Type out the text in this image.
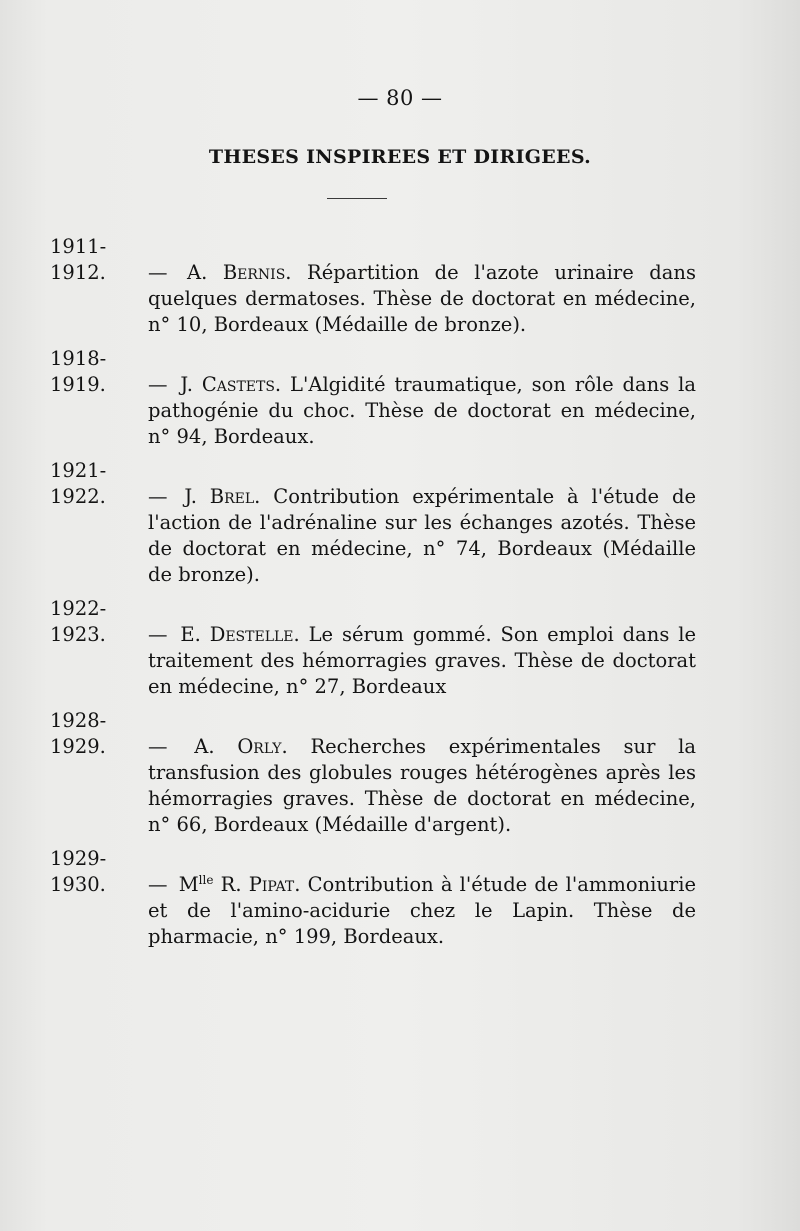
— 80 —
THESES INSPIREES ET DIRIGEES.
1911-1912. — A. Bernis. Répartition de l'azote urinaire dans quelques dermatoses. Thèse de doctorat en médecine, n° 10, Bordeaux (Médaille de bronze).
1918-1919. — J. Castets. L'Algidité traumatique, son rôle dans la pathogénie du choc. Thèse de doctorat en médecine, n° 94, Bordeaux.
1921-1922. — J. Brel. Contribution expérimentale à l'étude de l'action de l'adrénaline sur les échanges azotés. Thèse de doctorat en médecine, n° 74, Bordeaux (Médaille de bronze).
1922-1923. — E. Destelle. Le sérum gommé. Son emploi dans le traitement des hémorragies graves. Thèse de doctorat en médecine, n° 27, Bordeaux
1928-1929. — A. Orly. Recherches expérimentales sur la transfusion des globules rouges hétérogènes après les hémorragies graves. Thèse de doctorat en médecine, n° 66, Bordeaux (Médaille d'argent).
1929-1930. — $M^{lle}$ R. Pipat. Contribution à l'étude de l'ammoniurie et de l'amino-acidurie chez le Lapin. Thèse de pharmacie, n° 199, Bordeaux.
